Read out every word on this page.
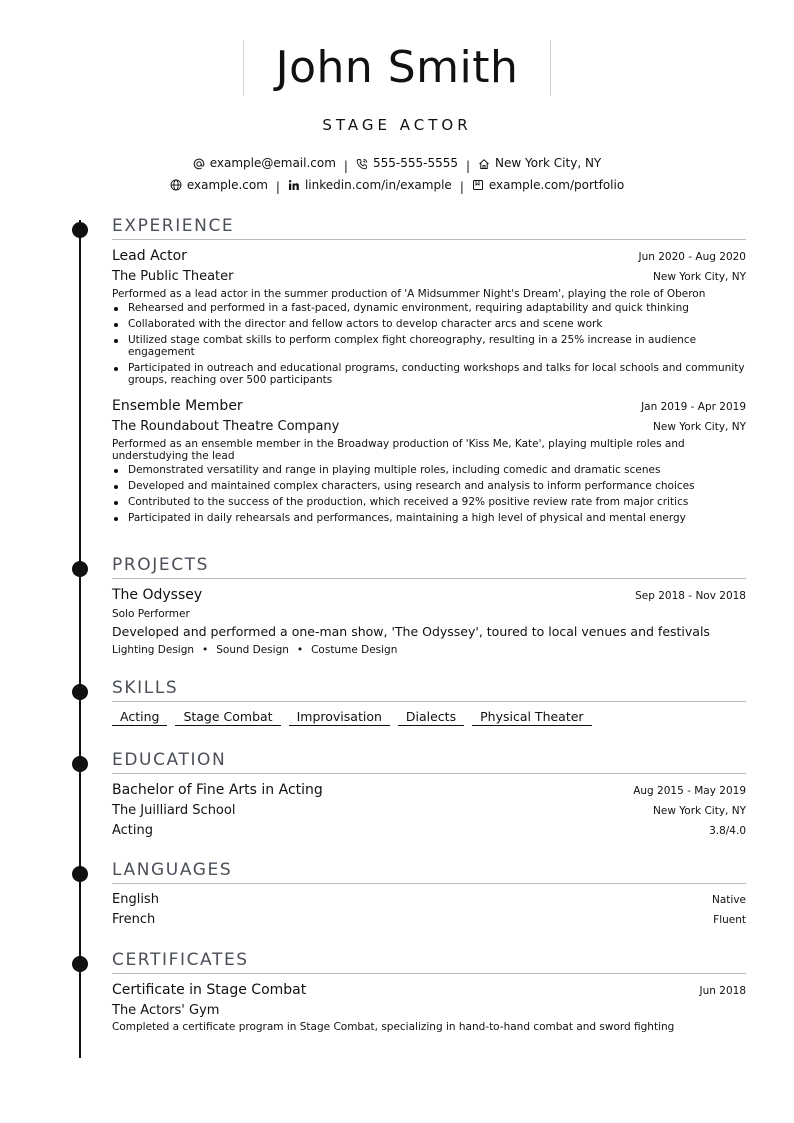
John Smith
STAGE ACTOR
example@email.com | 555-555-5555 | New York City, NY
example.com | linkedin.com/in/example | example.com/portfolio
EXPERIENCE
Lead Actor	Jun 2020 - Aug 2020
The Public Theater	New York City, NY
Performed as a lead actor in the summer production of 'A Midsummer Night's Dream', playing the role of Oberon
Rehearsed and performed in a fast-paced, dynamic environment, requiring adaptability and quick thinking
Collaborated with the director and fellow actors to develop character arcs and scene work
Utilized stage combat skills to perform complex fight choreography, resulting in a 25% increase in audience engagement
Participated in outreach and educational programs, conducting workshops and talks for local schools and community groups, reaching over 500 participants
Ensemble Member	Jan 2019 - Apr 2019
The Roundabout Theatre Company	New York City, NY
Performed as an ensemble member in the Broadway production of 'Kiss Me, Kate', playing multiple roles and understudying the lead
Demonstrated versatility and range in playing multiple roles, including comedic and dramatic scenes
Developed and maintained complex characters, using research and analysis to inform performance choices
Contributed to the success of the production, which received a 92% positive review rate from major critics
Participated in daily rehearsals and performances, maintaining a high level of physical and mental energy
PROJECTS
The Odyssey	Sep 2018 - Nov 2018
Solo Performer
Developed and performed a one-man show, 'The Odyssey', toured to local venues and festivals
Lighting Design • Sound Design • Costume Design
SKILLS
Acting	Stage Combat	Improvisation	Dialects	Physical Theater
EDUCATION
Bachelor of Fine Arts in Acting	Aug 2015 - May 2019
The Juilliard School	New York City, NY
Acting	3.8/4.0
LANGUAGES
English	Native
French	Fluent
CERTIFICATES
Certificate in Stage Combat	Jun 2018
The Actors' Gym
Completed a certificate program in Stage Combat, specializing in hand-to-hand combat and sword fighting
